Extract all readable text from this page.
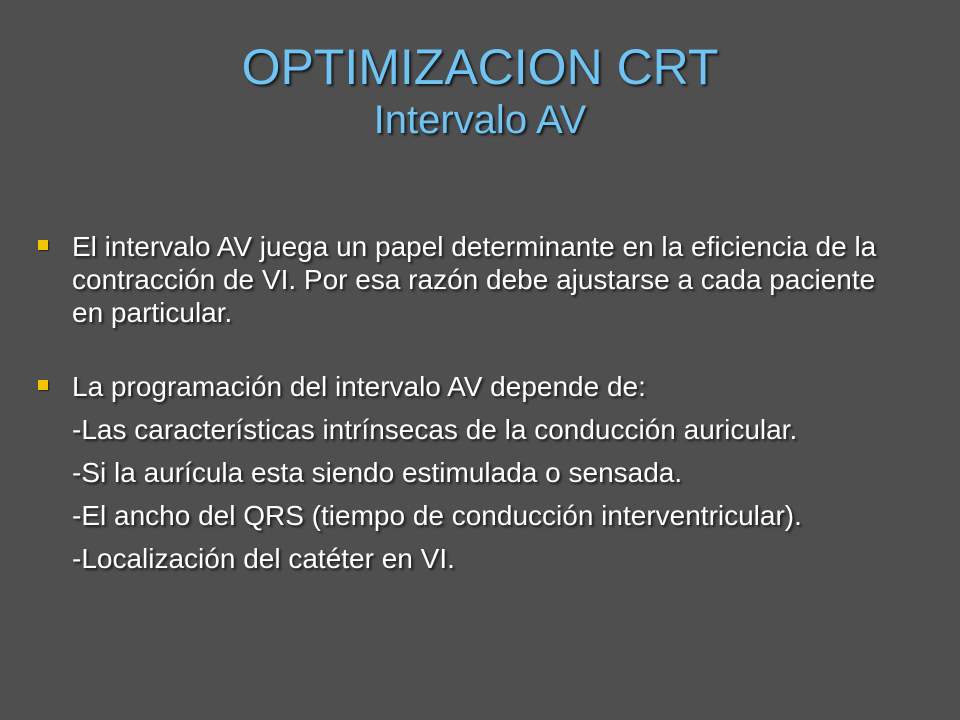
OPTIMIZACION CRT
Intervalo AV

El intervalo AV juega un papel determinante en la eficiencia de la contracción de VI. Por esa razón debe ajustarse a cada paciente en particular.

La programación del intervalo AV depende de:

-Las características intrínsecas de la conducción auricular.

-Si la aurícula esta siendo estimulada o sensada.

-El ancho del QRS (tiempo de conducción interventricular).

-Localización del catéter en VI.
